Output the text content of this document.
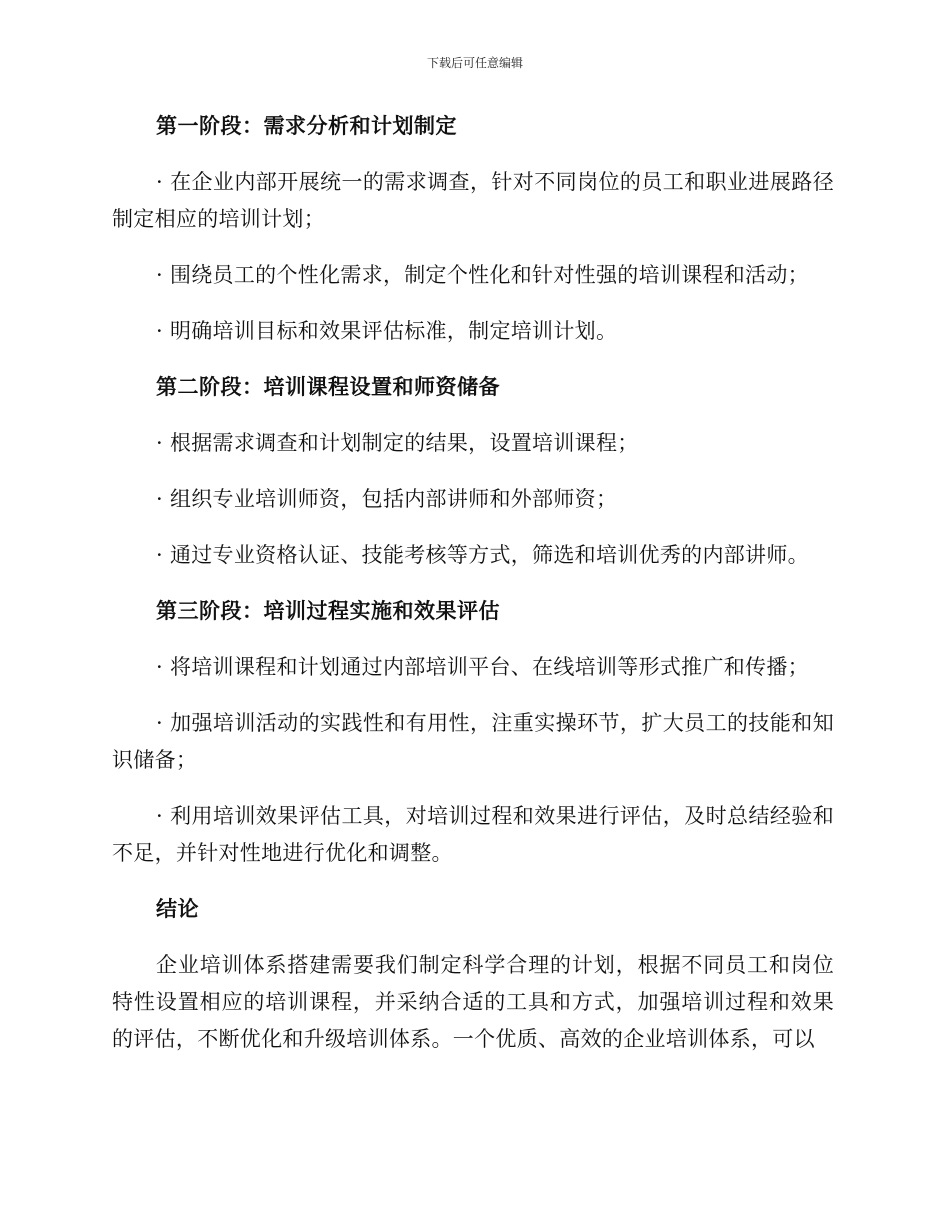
下载后可任意编辑
第一阶段：需求分析和计划制定

· 在企业内部开展统一的需求调查，针对不同岗位的员工和职业进展路径制定相应的培训计划；

· 围绕员工的个性化需求，制定个性化和针对性强的培训课程和活动；

· 明确培训目标和效果评估标准，制定培训计划。

第二阶段：培训课程设置和师资储备

· 根据需求调查和计划制定的结果，设置培训课程；

· 组织专业培训师资，包括内部讲师和外部师资；

· 通过专业资格认证、技能考核等方式，筛选和培训优秀的内部讲师。

第三阶段：培训过程实施和效果评估

· 将培训课程和计划通过内部培训平台、在线培训等形式推广和传播；

· 加强培训活动的实践性和有用性，注重实操环节，扩大员工的技能和知识储备；

· 利用培训效果评估工具，对培训过程和效果进行评估，及时总结经验和不足，并针对性地进行优化和调整。

结论

企业培训体系搭建需要我们制定科学合理的计划，根据不同员工和岗位特性设置相应的培训课程，并采纳合适的工具和方式，加强培训过程和效果的评估，不断优化和升级培训体系。一个优质、高效的企业培训体系，可以
